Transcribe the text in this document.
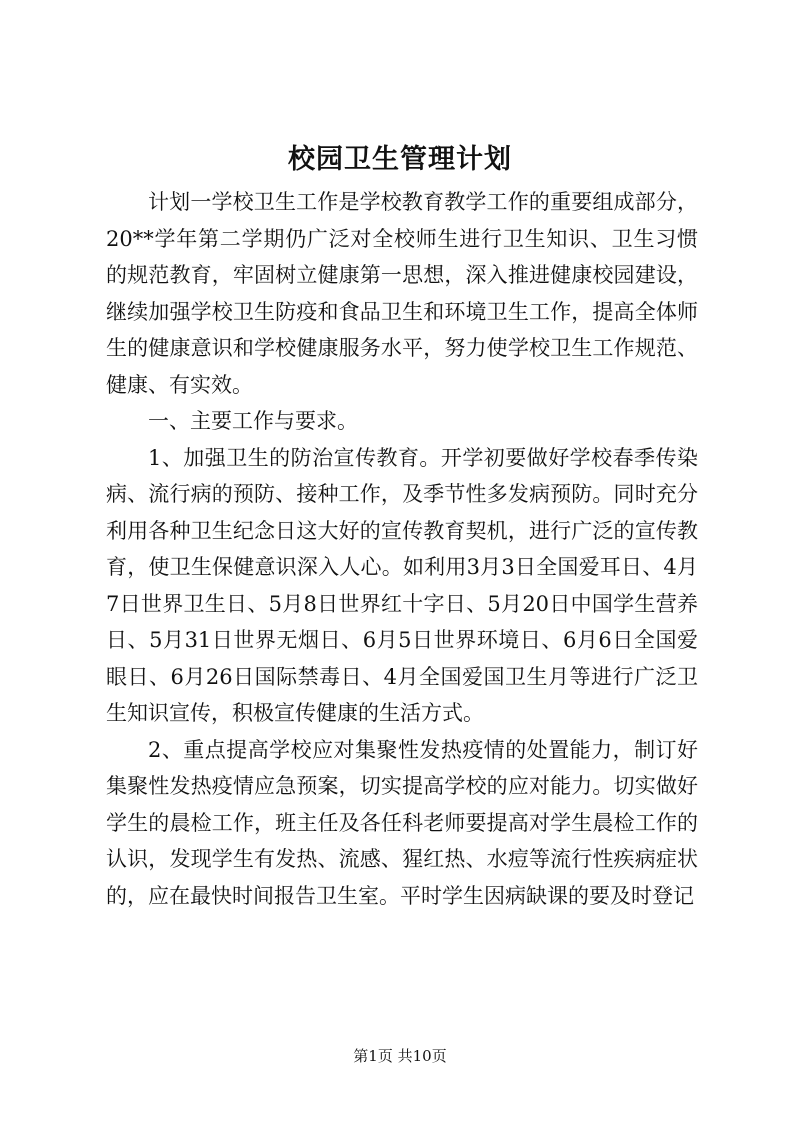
校园卫生管理计划

计划一学校卫生工作是学校教育教学工作的重要组成部分，20**学年第二学期仍广泛对全校师生进行卫生知识、卫生习惯的规范教育，牢固树立健康第一思想，深入推进健康校园建设，继续加强学校卫生防疫和食品卫生和环境卫生工作，提高全体师生的健康意识和学校健康服务水平，努力使学校卫生工作规范、健康、有实效。

一、主要工作与要求。

1、加强卫生的防治宣传教育。开学初要做好学校春季传染病、流行病的预防、接种工作，及季节性多发病预防。同时充分利用各种卫生纪念日这大好的宣传教育契机，进行广泛的宣传教育，使卫生保健意识深入人心。如利用3月3日全国爱耳日、4月7日世界卫生日、5月8日世界红十字日、5月20日中国学生营养日、5月31日世界无烟日、6月5日世界环境日、6月6日全国爱眼日、6月26日国际禁毒日、4月全国爱国卫生月等进行广泛卫生知识宣传，积极宣传健康的生活方式。

2、重点提高学校应对集聚性发热疫情的处置能力，制订好集聚性发热疫情应急预案，切实提高学校的应对能力。切实做好学生的晨检工作，班主任及各任科老师要提高对学生晨检工作的认识，发现学生有发热、流感、猩红热、水痘等流行性疾病症状的，应在最快时间报告卫生室。平时学生因病缺课的要及时登记

第1页 共10页
